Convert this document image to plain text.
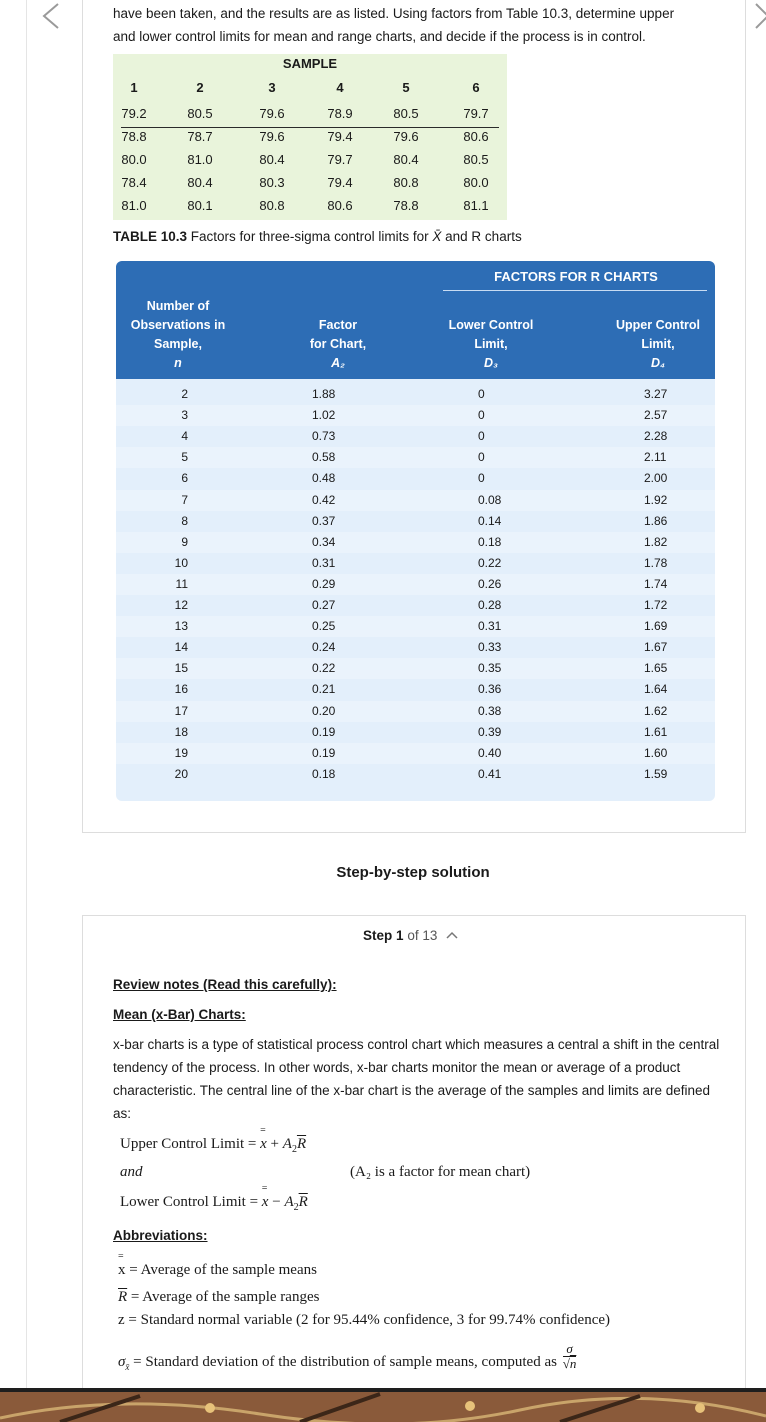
have been taken, and the results are as listed. Using factors from Table 10.3, determine upper
and lower control limits for mean and range charts, and decide if the process is in control.
SAMPLE
1	2	3	4	5	6
79.2	80.5	79.6	78.9	80.5	79.7
78.8	78.7	79.6	79.4	79.6	80.6
80.0	81.0	80.4	79.7	80.4	80.5
78.4	80.4	80.3	79.4	80.8	80.0
81.0	80.1	80.8	80.6	78.8	81.1
TABLE 10.3 Factors for three-sigma control limits for X̄ and R charts
FACTORS FOR R CHARTS
Number of
Observations in
Sample,
n
Factor
for Chart,
A₂
Lower Control
Limit,
D₃
Upper Control
Limit,
D₄
2	1.88	0	3.27
3	1.02	0	2.57
4	0.73	0	2.28
5	0.58	0	2.11
6	0.48	0	2.00
7	0.42	0.08	1.92
8	0.37	0.14	1.86
9	0.34	0.18	1.82
10	0.31	0.22	1.78
11	0.29	0.26	1.74
12	0.27	0.28	1.72
13	0.25	0.31	1.69
14	0.24	0.33	1.67
15	0.22	0.35	1.65
16	0.21	0.36	1.64
17	0.20	0.38	1.62
18	0.19	0.39	1.61
19	0.19	0.40	1.60
20	0.18	0.41	1.59
Step-by-step solution
Step 1 of 13
Review notes (Read this carefully):
Mean (x-Bar) Charts:

x-bar charts is a type of statistical process control chart which measures a central a shift in the central tendency of the process. In other words, x-bar charts monitor the mean or average of a product characteristic. The central line of the x-bar chart is the average of the samples and limits are defined as:

Upper Control Limit = x
=
+ $A_2\overline{R}$
and	(A₂ is a factor for mean chart)
Lower Control Limit = x
=
− $A_2\overline{R}$
Abbreviations:
x
=
= Average of the sample means
$\overline{R}$ = Average of the sample ranges
z = Standard normal variable (2 for 95.44% confidence, 3 for 99.74% confidence)
$\sigma_{x̄}$ = Standard deviation of the distribution of sample means, computed as $\frac{\sigma}{√n}$
